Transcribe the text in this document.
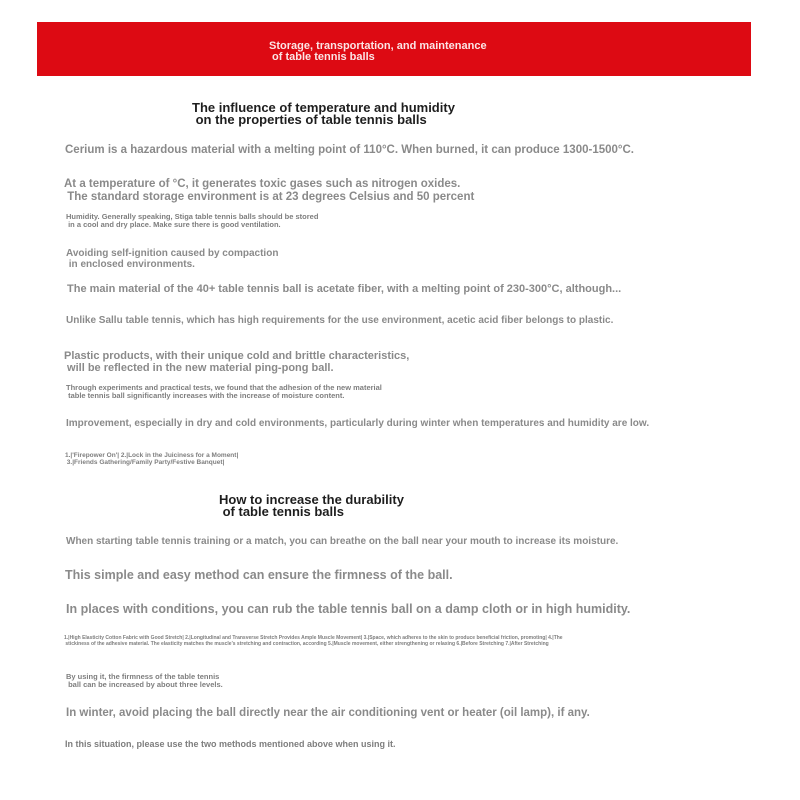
Storage, transportation, and maintenance
of table tennis balls
The influence of temperature and humidity
on the properties of table tennis balls
Cerium is a hazardous material with a melting point of 110°C. When burned, it can produce 1300-1500°C.
At a temperature of °C, it generates toxic gases such as nitrogen oxides.
The standard storage environment is at 23 degrees Celsius and 50 percent
Humidity. Generally speaking, Stiga table tennis balls should be stored
in a cool and dry place. Make sure there is good ventilation.
Avoiding self-ignition caused by compaction
in enclosed environments.
The main material of the 40+ table tennis ball is acetate fiber, with a melting point of 230-300°C, although...
Unlike Sallu table tennis, which has high requirements for the use environment, acetic acid fiber belongs to plastic.
Plastic products, with their unique cold and brittle characteristics,
will be reflected in the new material ping-pong ball.
Through experiments and practical tests, we found that the adhesion of the new material
table tennis ball significantly increases with the increase of moisture content.
Improvement, especially in dry and cold environments, particularly during winter when temperatures and humidity are low.
1.|'Firepower On'| 2.|Lock in the Juiciness for a Moment|
3.|Friends Gathering/Family Party/Festive Banquet|
How to increase the durability
of table tennis balls
When starting table tennis training or a match, you can breathe on the ball near your mouth to increase its moisture.
This simple and easy method can ensure the firmness of the ball.
In places with conditions, you can rub the table tennis ball on a damp cloth or in high humidity.
1.|High Elasticity Cotton Fabric with Good Stretch| 2.|Longitudinal and Transverse Stretch Provides Ample Muscle Movement| 3.|Space, which adheres to the skin to produce beneficial friction, promoting| 4.|The
stickiness of the adhesive material. The elasticity matches the muscle's stretching and contraction, according 5.|Muscle movement, either strengthening or relaxing 6.|Before Stretching 7.|After Stretching
By using it, the firmness of the table tennis
ball can be increased by about three levels.
In winter, avoid placing the ball directly near the air conditioning vent or heater (oil lamp), if any.
In this situation, please use the two methods mentioned above when using it.
